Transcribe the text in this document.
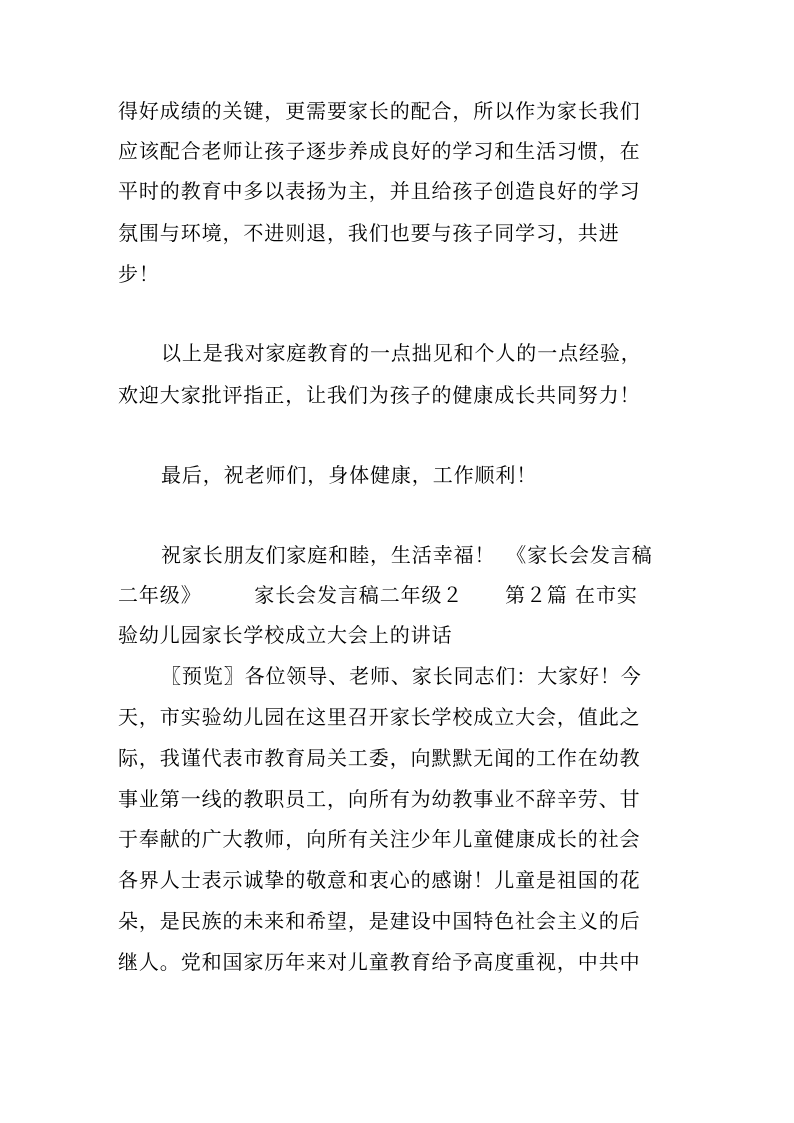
得好成绩的关键，更需要家长的配合，所以作为家长我们
应该配合老师让孩子逐步养成良好的学习和生活习惯，在
平时的教育中多以表扬为主，并且给孩子创造良好的学习
氛围与环境，不进则退，我们也要与孩子同学习，共进
步！
以上是我对家庭教育的一点拙见和个人的一点经验，
欢迎大家批评指正，让我们为孩子的健康成长共同努力！
最后，祝老师们，身体健康，工作顺利！
祝家长朋友们家庭和睦，生活幸福！　《家长会发言稿
二年级》　　　家长会发言稿二年级２　　第２篇 在市实
验幼儿园家长学校成立大会上的讲话
〖预览〗各位领导、老师、家长同志们：大家好！今
天，市实验幼儿园在这里召开家长学校成立大会，值此之
际，我谨代表市教育局关工委，向默默无闻的工作在幼教
事业第一线的教职员工，向所有为幼教事业不辞辛劳、甘
于奉献的广大教师，向所有关注少年儿童健康成长的社会
各界人士表示诚挚的敬意和衷心的感谢！儿童是祖国的花
朵，是民族的未来和希望，是建设中国特色社会主义的后
继人。党和国家历年来对儿童教育给予高度重视，中共中
